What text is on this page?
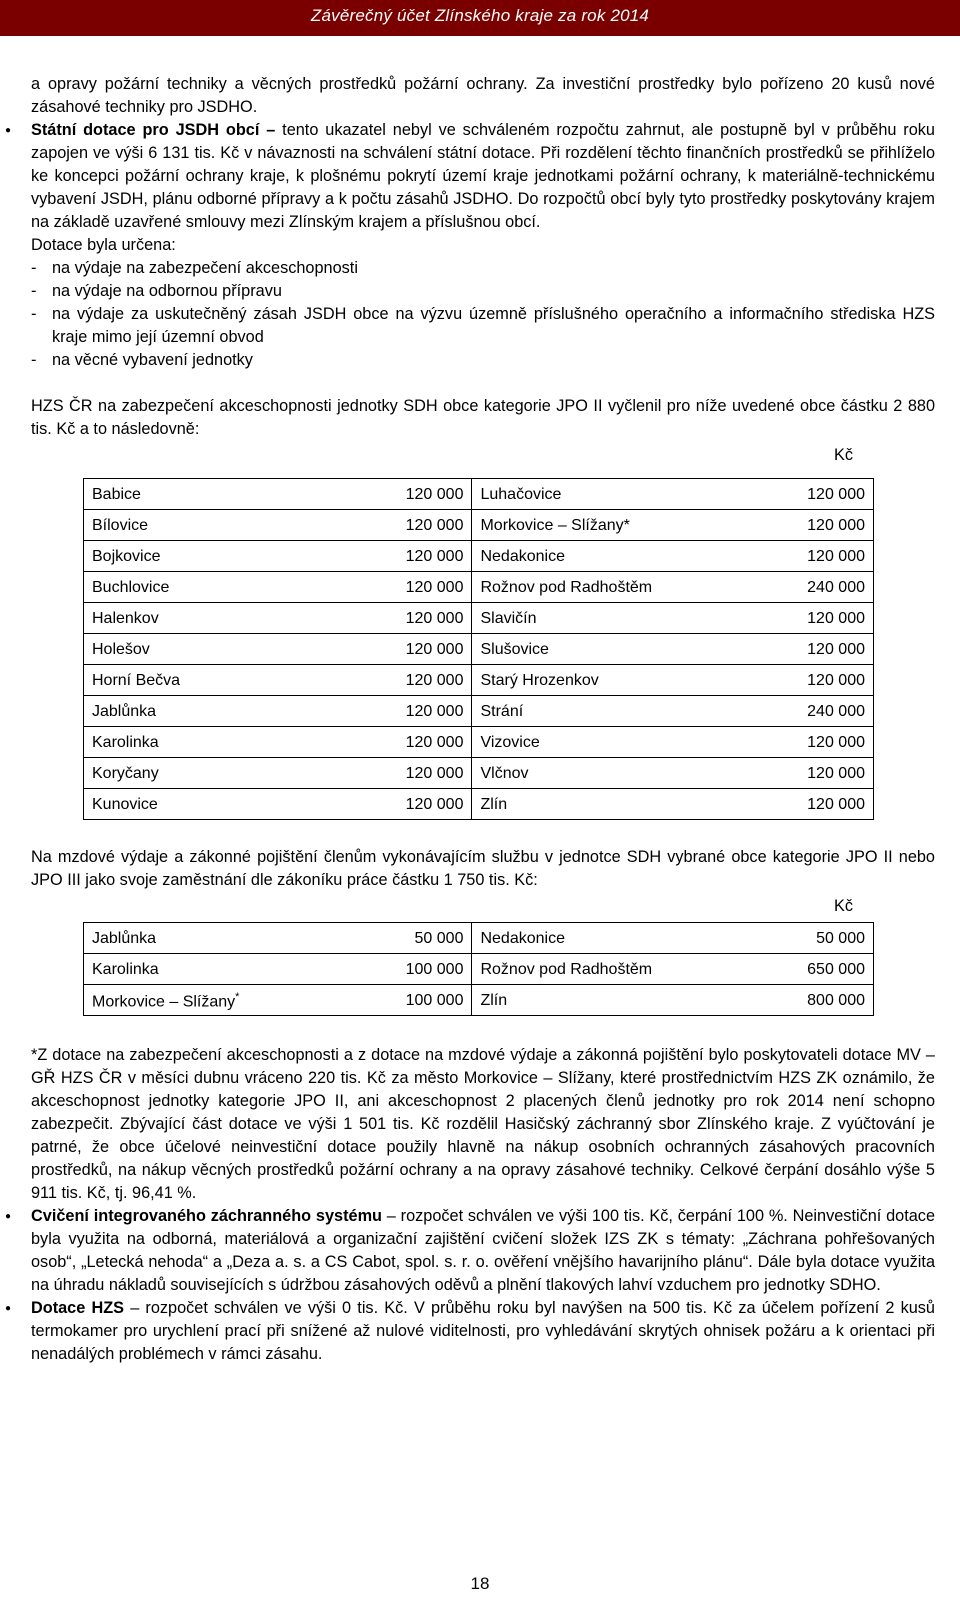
Závěrečný účet Zlínského kraje za rok 2014

a opravy požární techniky a věcných prostředků požární ochrany. Za investiční prostředky bylo pořízeno 20 kusů nové zásahové techniky pro JSDHO.

● Státní dotace pro JSDH obcí – tento ukazatel nebyl ve schváleném rozpočtu zahrnut, ale postupně byl v průběhu roku zapojen ve výši 6 131 tis. Kč v návaznosti na schválení státní dotace. Při rozdělení těchto finančních prostředků se přihlíželo ke koncepci požární ochrany kraje, k plošnému pokrytí území kraje jednotkami požární ochrany, k materiálně-technickému vybavení JSDH, plánu odborné přípravy a k počtu zásahů JSDHO. Do rozpočtů obcí byly tyto prostředky poskytovány krajem na základě uzavřené smlouvy mezi Zlínským krajem a příslušnou obcí.

Dotace byla určena:

- na výdaje na zabezpečení akceschopnosti

- na výdaje na odbornou přípravu

- na výdaje za uskutečněný zásah JSDH obce na výzvu územně příslušného operačního a informačního střediska HZS kraje mimo její územní obvod

- na věcné vybavení jednotky

HZS ČR na zabezpečení akceschopnosti jednotky SDH obce kategorie JPO II vyčlenil pro níže uvedené obce částku 2 880 tis. Kč a to následovně:

Kč
Babice	120 000	Luhačovice	120 000
Bílovice	120 000	Morkovice – Slížany*	120 000
Bojkovice	120 000	Nedakonice	120 000
Buchlovice	120 000	Rožnov pod Radhoštěm	240 000
Halenkov	120 000	Slavičín	120 000
Holešov	120 000	Slušovice	120 000
Horní Bečva	120 000	Starý Hrozenkov	120 000
Jablůnka	120 000	Strání	240 000
Karolinka	120 000	Vizovice	120 000
Koryčany	120 000	Vlčnov	120 000
Kunovice	120 000	Zlín	120 000

Na mzdové výdaje a zákonné pojištění členům vykonávajícím službu v jednotce SDH vybrané obce kategorie JPO II nebo JPO III jako svoje zaměstnání dle zákoníku práce částku 1 750 tis. Kč:

Kč
Jablůnka	50 000	Nedakonice	50 000
Karolinka	100 000	Rožnov pod Radhoštěm	650 000
Morkovice – Slížany*	100 000	Zlín	800 000

*Z dotace na zabezpečení akceschopnosti a z dotace na mzdové výdaje a zákonná pojištění bylo poskytovateli dotace MV – GŘ HZS ČR v měsíci dubnu vráceno 220 tis. Kč za město Morkovice – Slížany, které prostřednictvím HZS ZK oznámilo, že akceschopnost jednotky kategorie JPO II, ani akceschopnost 2 placených členů jednotky pro rok 2014 není schopno zabezpečit. Zbývající část dotace ve výši 1 501 tis. Kč rozdělil Hasičský záchranný sbor Zlínského kraje. Z vyúčtování je patrné, že obce účelové neinvestiční dotace použily hlavně na nákup osobních ochranných zásahových pracovních prostředků, na nákup věcných prostředků požární ochrany a na opravy zásahové techniky. Celkové čerpání dosáhlo výše 5 911 tis. Kč, tj. 96,41 %.

● Cvičení integrovaného záchranného systému – rozpočet schválen ve výši 100 tis. Kč, čerpání 100 %. Neinvestiční dotace byla využita na odborná, materiálová a organizační zajištění cvičení složek IZS ZK s tématy: „Záchrana pohřešovaných osob“, „Letecká nehoda“ a „Deza a. s. a CS Cabot, spol. s. r. o. ověření vnějšího havarijního plánu“. Dále byla dotace využita na úhradu nákladů souvisejících s údržbou zásahových oděvů a plnění tlakových lahví vzduchem pro jednotky SDHO.

● Dotace HZS – rozpočet schválen ve výši 0 tis. Kč. V průběhu roku byl navýšen na 500 tis. Kč za účelem pořízení 2 kusů termokamer pro urychlení prací při snížené až nulové viditelnosti, pro vyhledávání skrytých ohnisek požáru a k orientaci při nenadálých problémech v rámci zásahu.

18
